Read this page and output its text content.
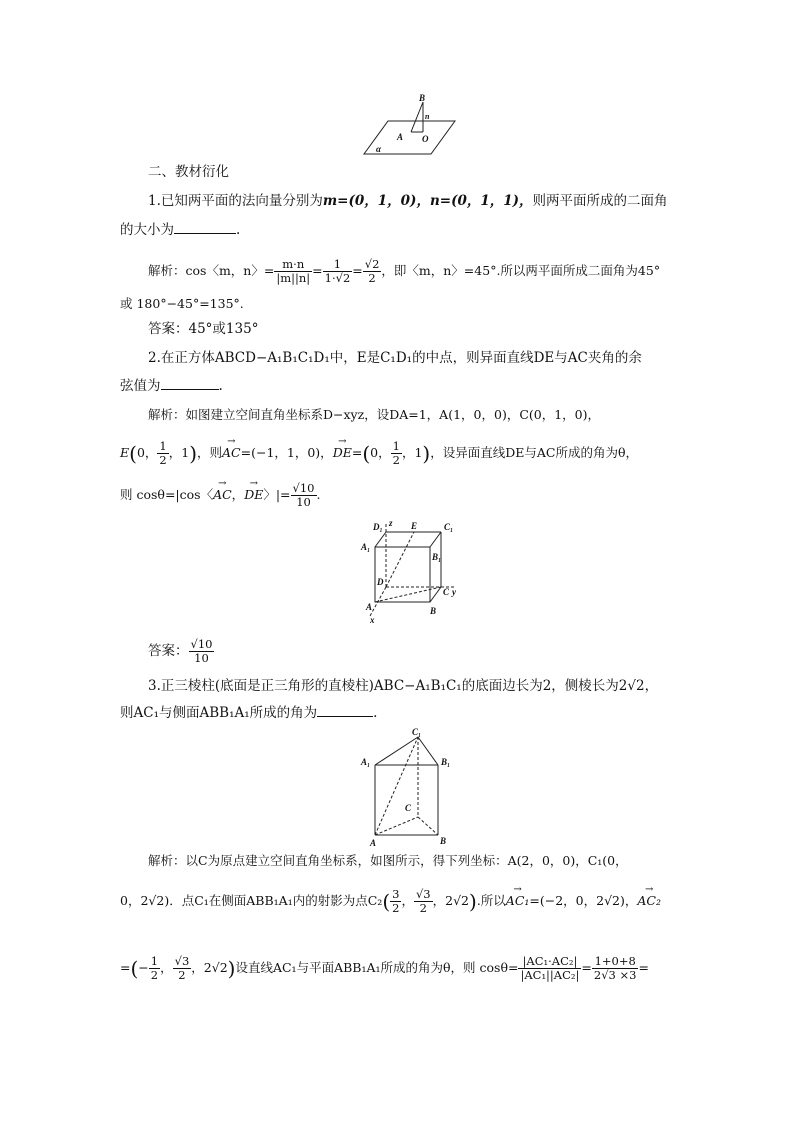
B
n
A O
α
二、教材衍化
1.已知两平面的法向量分别为m=(0，1，0)，n=(0，1，1)，则两平面所成的二面角
的大小为	.
解析：cos〈m，n〉= $\frac{m\cdot n}{|m||n|} = \frac{1}{1\cdot√2} = \frac{√2}{2}$ ，即〈m，n〉=45°.所以两平面所成二面角为45°
或 180°−45°=135°.
答案：45°或135°
2.在正方体ABCD−A₁B₁C₁D₁中，E是C₁D₁的中点，则异面直线DE与AC夹角的余
弦值为	.
解析：如图建立空间直角坐标系D−xyz，设DA=1，A(1，0，0)，C(0，1，0)，
E(0， $\frac{1}{2}$ ，1)，则→ AC=(−1，1，0)，→ DE=(0， $\frac{1}{2}$ ，1)，设异面直线DE与AC所成的角为θ，
则 cosθ=|cos〈→ AC，→ DE〉|= $\frac{√10}{10}$ .
D₁ z E	C₁
A₁
B₁
D
C y
A
x
B
答案： $\frac{√10}{10}$
3.正三棱柱(底面是正三角形的直棱柱)ABC−A₁B₁C₁的底面边长为2，侧棱长为2√2，
则AC₁与侧面ABB₁A₁所成的角为	.
C₁
A₁	B₁
C
A	B
解析：以C为原点建立空间直角坐标系，如图所示，得下列坐标：A(2，0，0)，C₁(0，
0，2√2)．点C₁在侧面ABB₁A₁内的射影为点$C_2( \frac{3}{2}$ ， $\frac{√3}{2}$ ，2√2).所以→ AC₁=(−2，0，2√2)，→ AC₂
=(− $\frac{1}{2}$ ， $\frac{√3}{2}$ ，2√2)设直线AC₁与平面ABB₁A₁所成的角为θ，则 $\cos\theta= \frac{\text{|AC₁·AC₂|}}{\text{|AC₁||AC₂|}} = \frac{1+0+8}{2√3 \times 3}$ =
